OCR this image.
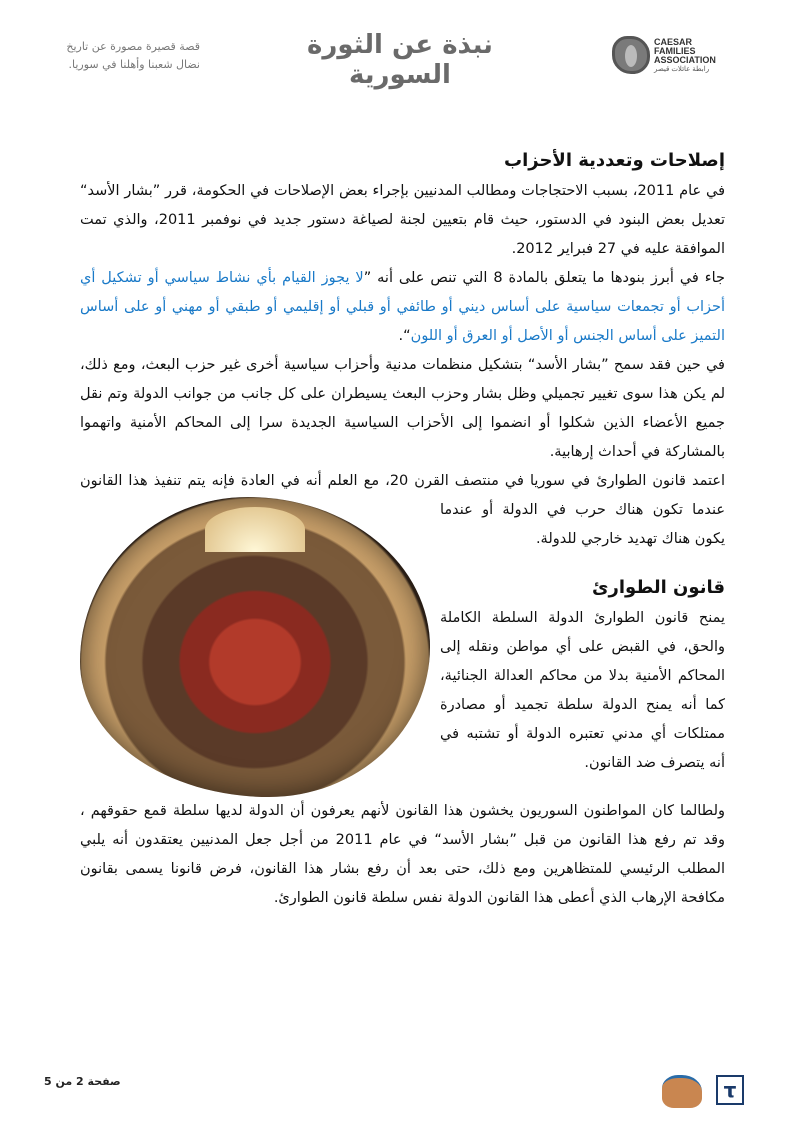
قصة قصيرة مصورة عن تاريخ
نضال شعبنا وأهلنا في سوريا.
نبذة عن الثورة السورية
CAESAR
FAMILIES
ASSOCIATION
رابطة عائلات قيصر
إصلاحات وتعددية الأحزاب

في عام 2011، بسبب الاحتجاجات ومطالب المدنيين بإجراء بعض الإصلاحات في الحكومة، قرر ”بشار الأسد“ تعديل بعض البنود في الدستور، حيث قام بتعيين لجنة لصياغة دستور جديد في نوفمبر 2011، والذي تمت الموافقة عليه في 27 فبراير 2012.

جاء في أبرز بنودها ما يتعلق بالمادة 8 التي تنص على أنه ”لا يجوز القيام بأي نشاط سياسي أو تشكيل أي أحزاب أو تجمعات سياسية على أساس ديني أو طائفي أو قبلي أو إقليمي أو طبقي أو مهني أو على أساس التميز على أساس الجنس أو الأصل أو العرق أو اللون“.

في حين فقد سمح ”بشار الأسد“ بتشكيل منظمات مدنية وأحزاب سياسية أخرى غير حزب البعث، ومع ذلك، لم يكن هذا سوى تغيير تجميلي وظل بشار وحزب البعث يسيطران على كل جانب من جوانب الدولة وتم نقل جميع الأعضاء الذين شكلوا أو انضموا إلى الأحزاب السياسية الجديدة سرا إلى المحاكم الأمنية واتهموا بالمشاركة في أحداث إرهابية.

اعتمد قانون الطوارئ في سوريا في منتصف القرن 20، مع العلم أنه في العادة فإنه يتم تنفيذ هذا القانون عندما تكون هناك حرب في الدولة أو عندما يكون هناك تهديد خارجي للدولة.

قانون الطوارئ

يمنح قانون الطوارئ الدولة السلطة الكاملة والحق، في القبض على أي مواطن ونقله إلى المحاكم الأمنية بدلا من محاكم العدالة الجنائية، كما أنه يمنح الدولة سلطة تجميد أو مصادرة ممتلكات أي مدني تعتبره الدولة أو تشتبه في أنه يتصرف ضد القانون.

ولطالما كان المواطنون السوريون يخشون هذا القانون لأنهم يعرفون أن الدولة لديها سلطة قمع حقوقهم ، وقد تم رفع هذا القانون من قبل ”بشار الأسد“ في عام 2011 من أجل جعل المدنيين يعتقدون أنه يلبي المطلب الرئيسي للمتظاهرين ومع ذلك، حتى بعد أن رفع بشار هذا القانون، فرض قانونا يسمى بقانون مكافحة الإرهاب الذي أعطى هذا القانون الدولة نفس سلطة قانون الطوارئ.

صفحة 2 من 5	τ
